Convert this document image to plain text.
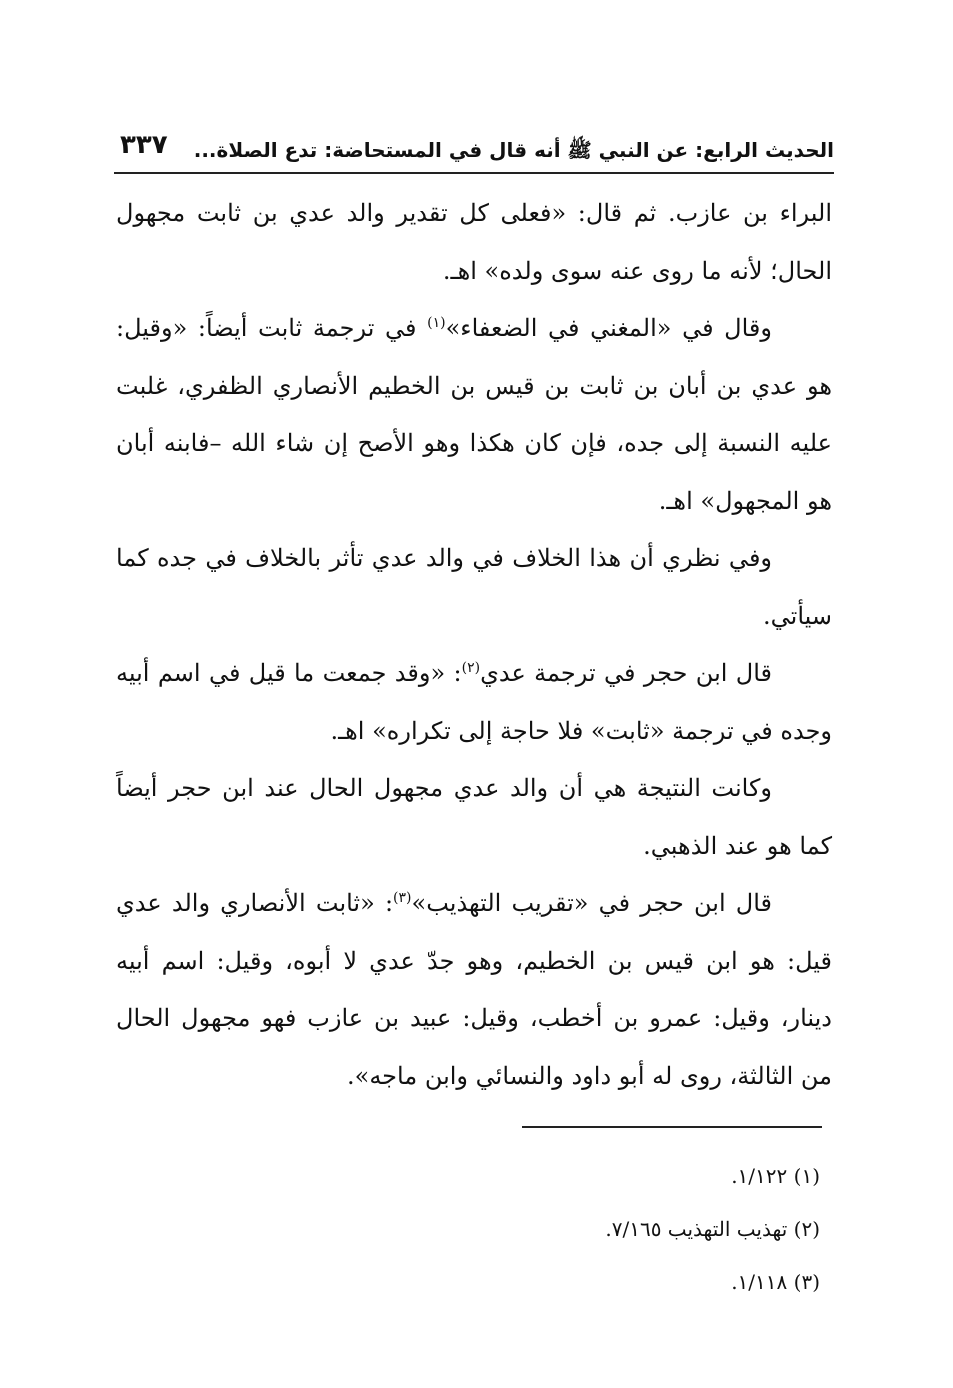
الحديث الرابع: عن النبي ﷺ أنه قال في المستحاضة: تدع الصلاة...
٣٣٧

البراء بن عازب. ثم قال: «فعلى كل تقدير والد عدي بن ثابت مجهول الحال؛ لأنه ما روى عنه سوى ولده» اهـ.

وقال في «المغني في الضعفاء»$^{(١)}$ في ترجمة ثابت أيضاً: «وقيل: هو عدي بن أبان بن ثابت بن قيس بن الخطيم الأنصاري الظفري، غلبت عليه النسبة إلى جده، فإن كان هكذا وهو الأصح إن شاء الله –فابنه أبان هو المجهول» اهـ.

وفي نظري أن هذا الخلاف في والد عدي تأثر بالخلاف في جده كما سيأتي.

قال ابن حجر في ترجمة عدي$^{(٢)}$: «وقد جمعت ما قيل في اسم أبيه وجده في ترجمة «ثابت» فلا حاجة إلى تكراره» اهـ.

وكانت النتيجة هي أن والد عدي مجهول الحال عند ابن حجر أيضاً كما هو عند الذهبي.

قال ابن حجر في «تقريب التهذيب»$^{(٣)}$: «ثابت الأنصاري والد عدي قيل: هو ابن قيس بن الخطيم، وهو جدّ عدي لا أبوه، وقيل: اسم أبيه دينار، وقيل: عمرو بن أخطب، وقيل: عبيد بن عازب فهو مجهول الحال من الثالثة، روى له أبو داود والنسائي وابن ماجه».

(١) ١/١٢٢.

(٢) تهذيب التهذيب ٧/١٦٥.

(٣) ١/١١٨.
